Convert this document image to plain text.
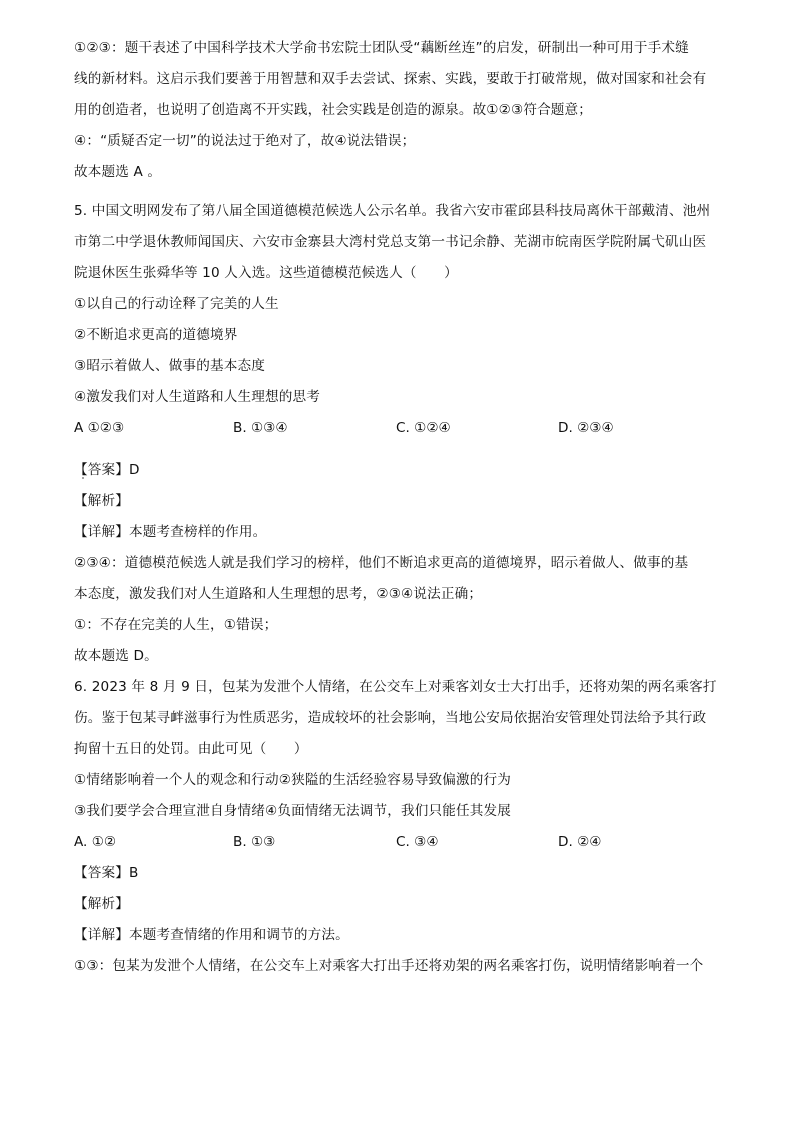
①②③：题干表述了中国科学技术大学俞书宏院士团队受“藕断丝连”的启发，研制出一种可用于手术缝
线的新材料。这启示我们要善于用智慧和双手去尝试、探索、实践，要敢于打破常规，做对国家和社会有
用的创造者，也说明了创造离不开实践，社会实践是创造的源泉。故①②③符合题意；
④：“质疑否定一切”的说法过于绝对了，故④说法错误；
故本题选 A 。
5. 中国文明网发布了第八届全国道德模范候选人公示名单。我省六安市霍邱县科技局离休干部戴清、池州
市第二中学退休教师闻国庆、六安市金寨县大湾村党总支第一书记余静、芜湖市皖南医学院附属弋矶山医
院退休医生张舜华等 10 人入选。这些道德模范候选人（　　）
①以自己的行动诠释了完美的人生
②不断追求更高的道德境界
③昭示着做人、做事的基本态度
④激发我们对人生道路和人生理想的思考
A ①②③	B. ①③④	C. ①②④	D. ②③④
【答案】D
【解析】
【详解】本题考查榜样的作用。
②③④：道德模范候选人就是我们学习的榜样，他们不断追求更高的道德境界，昭示着做人、做事的基
本态度，激发我们对人生道路和人生理想的思考，②③④说法正确；
①：不存在完美的人生，①错误；
故本题选 D。
6. 2023 年 8 月 9 日，包某为发泄个人情绪，在公交车上对乘客刘女士大打出手，还将劝架的两名乘客打
伤。鉴于包某寻衅滋事行为性质恶劣，造成较坏的社会影响，当地公安局依据治安管理处罚法给予其行政
拘留十五日的处罚。由此可见（　　）
①情绪影响着一个人的观念和行动②狭隘的生活经验容易导致偏激的行为
③我们要学会合理宣泄自身情绪④负面情绪无法调节，我们只能任其发展
A. ①②	B. ①③	C. ③④	D. ②④
【答案】B
【解析】
【详解】本题考查情绪的作用和调节的方法。
①③：包某为发泄个人情绪，在公交车上对乘客大打出手还将劝架的两名乘客打伤，说明情绪影响着一个
